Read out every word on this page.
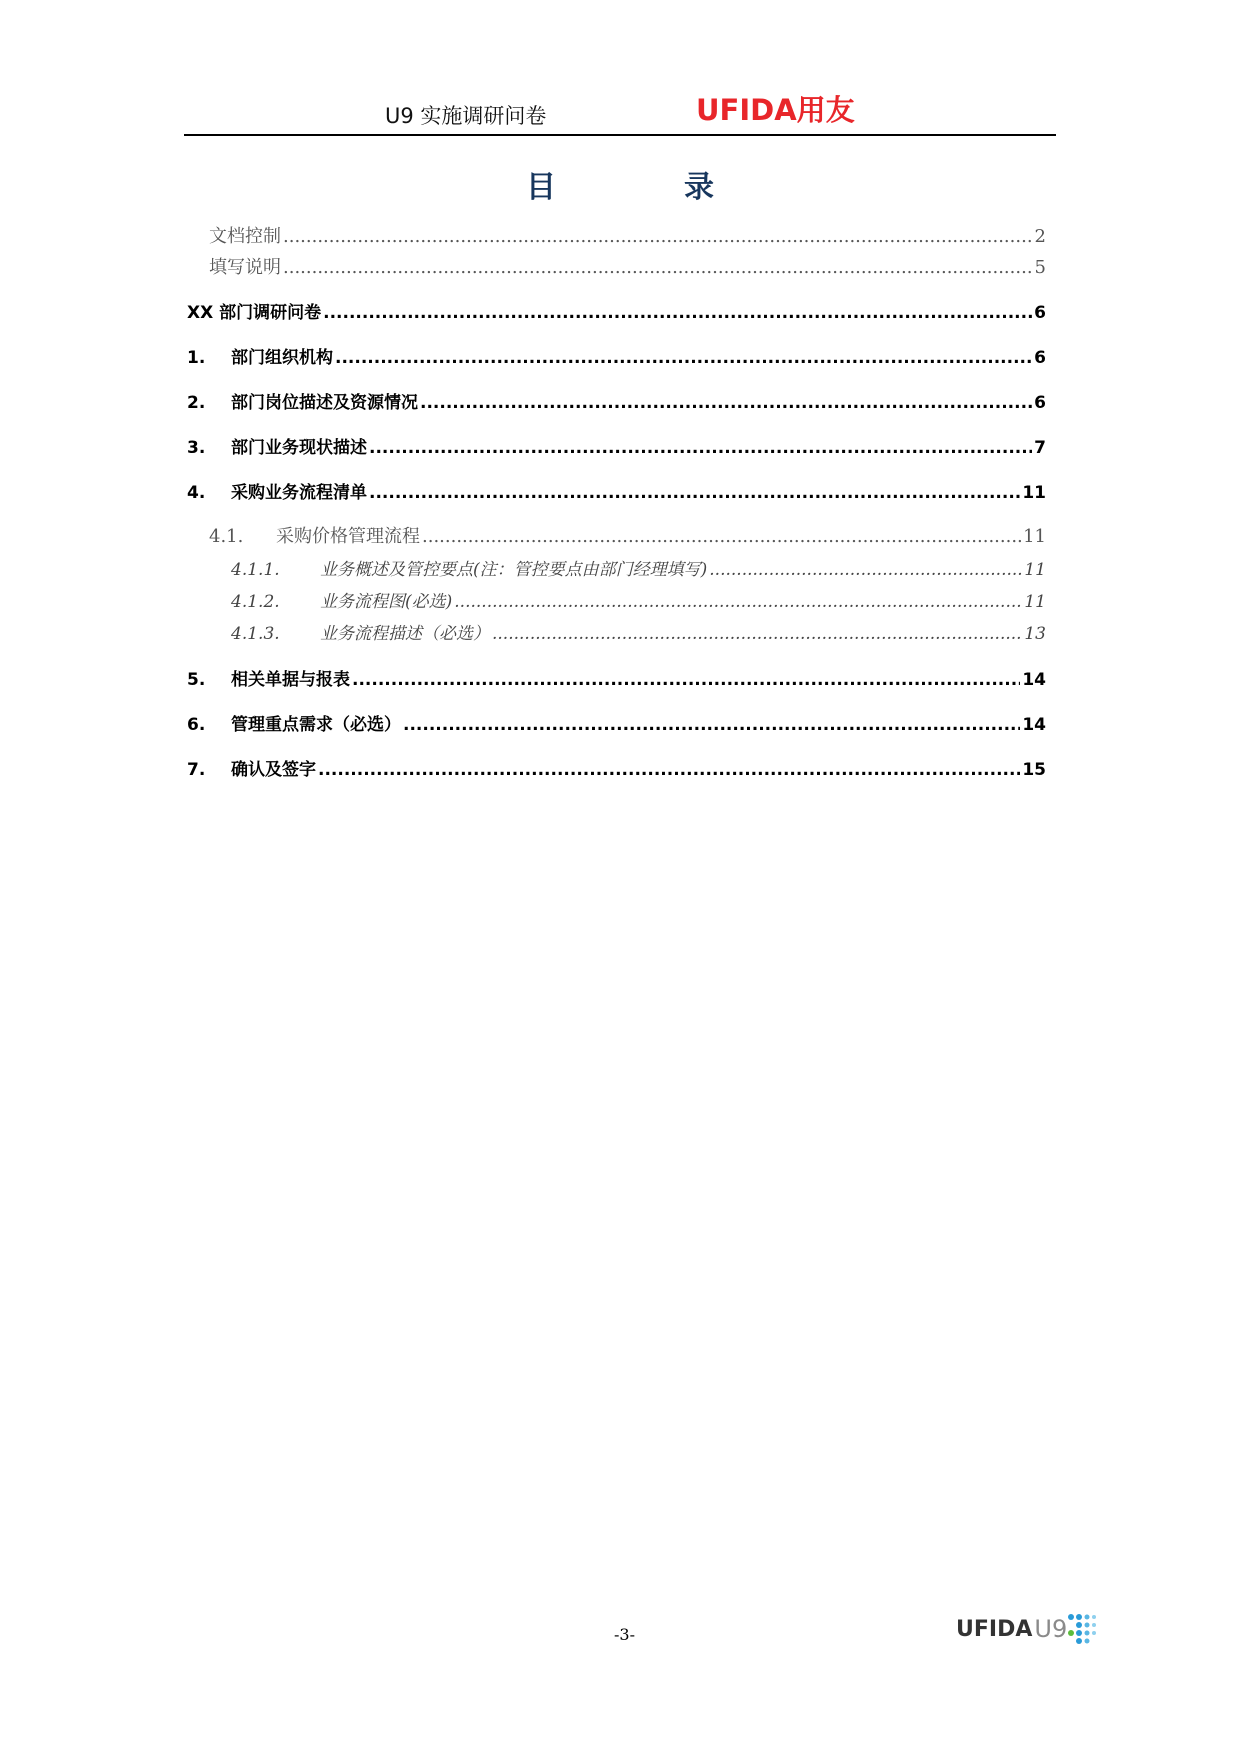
U9 实施调研问卷	UFIDA用友
目录
文档控制 .....	2
填写说明 .....	5
XX 部门调研问卷 .....	6
1.	部门组织机构 .....	6
2.	部门岗位描述及资源情况 .....	6
3.	部门业务现状描述 .....	7
4.	采购业务流程清单 .....	11
4.1.	采购价格管理流程 .....	11
4.1.1.	业务概述及管控要点(注：管控要点由部门经理填写) .....	11
4.1.2.	业务流程图(必选) .....	11
4.1.3.	业务流程描述（必选） .....	13
5.	相关单据与报表 .....	14
6.	管理重点需求（必选） .....	14
7.	确认及签字 .....	15
-3-	UFIDA U9
